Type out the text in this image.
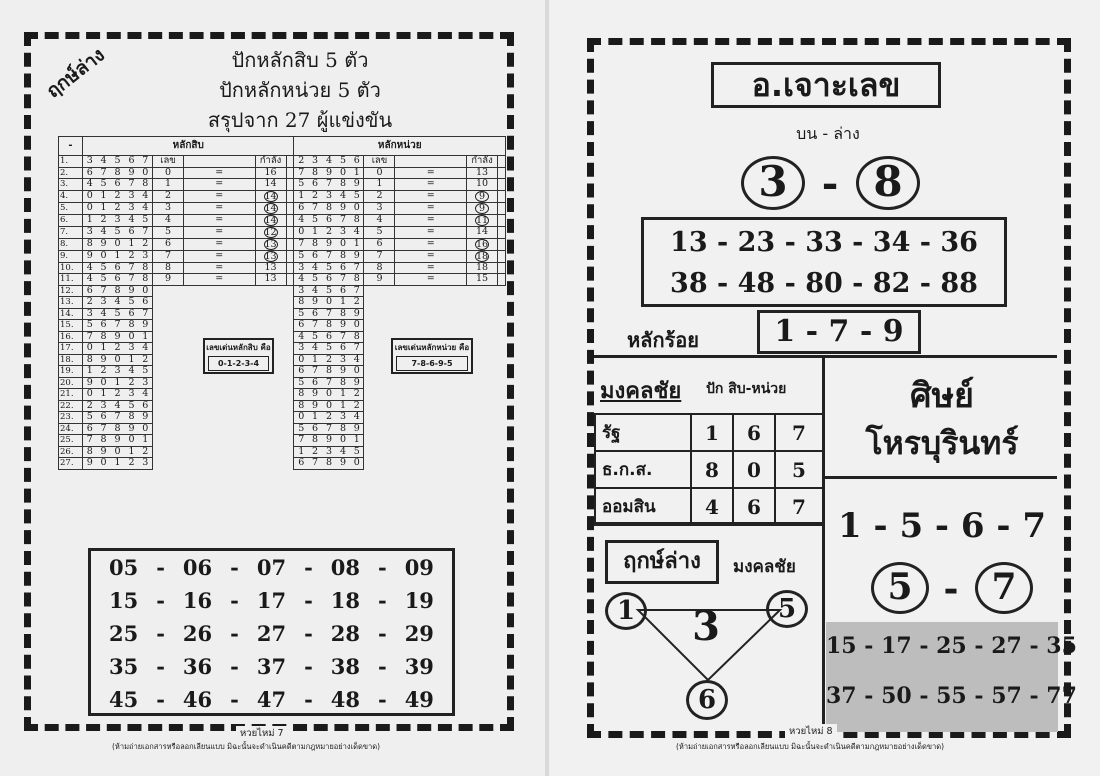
ฤกษ์ล่าง	ปักหลักสิบ 5 ตัว
ปักหลักหน่วย 5 ตัว
สรุปจาก 27 ผู้แข่งขัน
-	หลักสิบ									หลักหน่วย								
1.	3	4	5	6	7	เลข		กำลัง		2	3	4	5	6	เลข		กำลัง	
2.	6	7	8	9	0	0	=	16		7	8	9	0	1	0	=	13	
3.	4	5	6	7	8	1	=	14		5	6	7	8	9	1	=	10	
4.	0	1	2	3	4	2	=	14		1	2	3	4	5	2	=	9	
5.	0	1	2	3	4	3	=	14		6	7	8	9	0	3	=	9	
6.	1	2	3	4	5	4	=	14		4	5	6	7	8	4	=	11	
7.	3	4	5	6	7	5	=	12		0	1	2	3	4	5	=	14	
8.	8	9	0	1	2	6	=	13		7	8	9	0	1	6	=	16	
9.	9	0	1	2	3	7	=	13		5	6	7	8	9	7	=	18	
10.	4	5	6	7	8	8	=	13		3	4	5	6	7	8	=	18	
11.	4	5	6	7	8	9	=	13		4	5	6	7	8	9	=	15	
12.	6	7	8	9	0					3	4	5	6	7				
13.	2	3	4	5	6					8	9	0	1	2				
14.	3	4	5	6	7					5	6	7	8	9				
15.	5	6	7	8	9					6	7	8	9	0				
16.	7	8	9	0	1					4	5	6	7	8				
17.	0	1	2	3	4					3	4	5	6	7				
18.	8	9	0	1	2					0	1	2	3	4				
19.	1	2	3	4	5					6	7	8	9	0				
20.	9	0	1	2	3					5	6	7	8	9				
21.	0	1	2	3	4					8	9	0	1	2				
22.	2	3	4	5	6					8	9	0	1	2				
23.	5	6	7	8	9					0	1	2	3	4				
24.	6	7	8	9	0					5	6	7	8	9				
25.	7	8	9	0	1					7	8	9	0	1				
26.	8	9	0	1	2					1	2	3	4	5				
27.	9	0	1	2	3					6	7	8	9	0				
เลขเด่นหลักสิบ คือ
0-1-2-3-4
เลขเด่นหลักหน่วย คือ
7-8-6-9-5
05 - 06 - 07 - 08 - 09
15 - 16 - 17 - 18 - 19
25 - 26 - 27 - 28 - 29
35 - 36 - 37 - 38 - 39
45 - 46 - 47 - 48 - 49
หวยไหม่ 7
(ห้ามถ่ายเอกสารหรือลอกเลียนแบบ มิฉะนั้นจะดำเนินคดีตามกฎหมายอย่างเด็ดขาด)
อ.เจาะเลข
บน - ล่าง
3 - 8
13 - 23 - 33 - 34 - 36
38 - 48 - 80 - 82 - 88
หลักร้อย	1 - 7 - 9
มงคลชัย ปัก สิบ-หน่วย
รัฐ	1	6	7
ธ.ก.ส.	8	0	5
ออมสิน	4	6	7
ฤกษ์ล่าง	มงคลชัย
1	5
3
6
ศิษย์
โหรบุรินทร์
1 - 5 - 6 - 7
5 - 7
15 - 17 - 25 - 27 - 35
37 - 50 - 55 - 57 - 77
หวยไหม่ 8
(ห้ามถ่ายเอกสารหรือลอกเลียนแบบ มิฉะนั้นจะดำเนินคดีตามกฎหมายอย่างเด็ดขาด)
